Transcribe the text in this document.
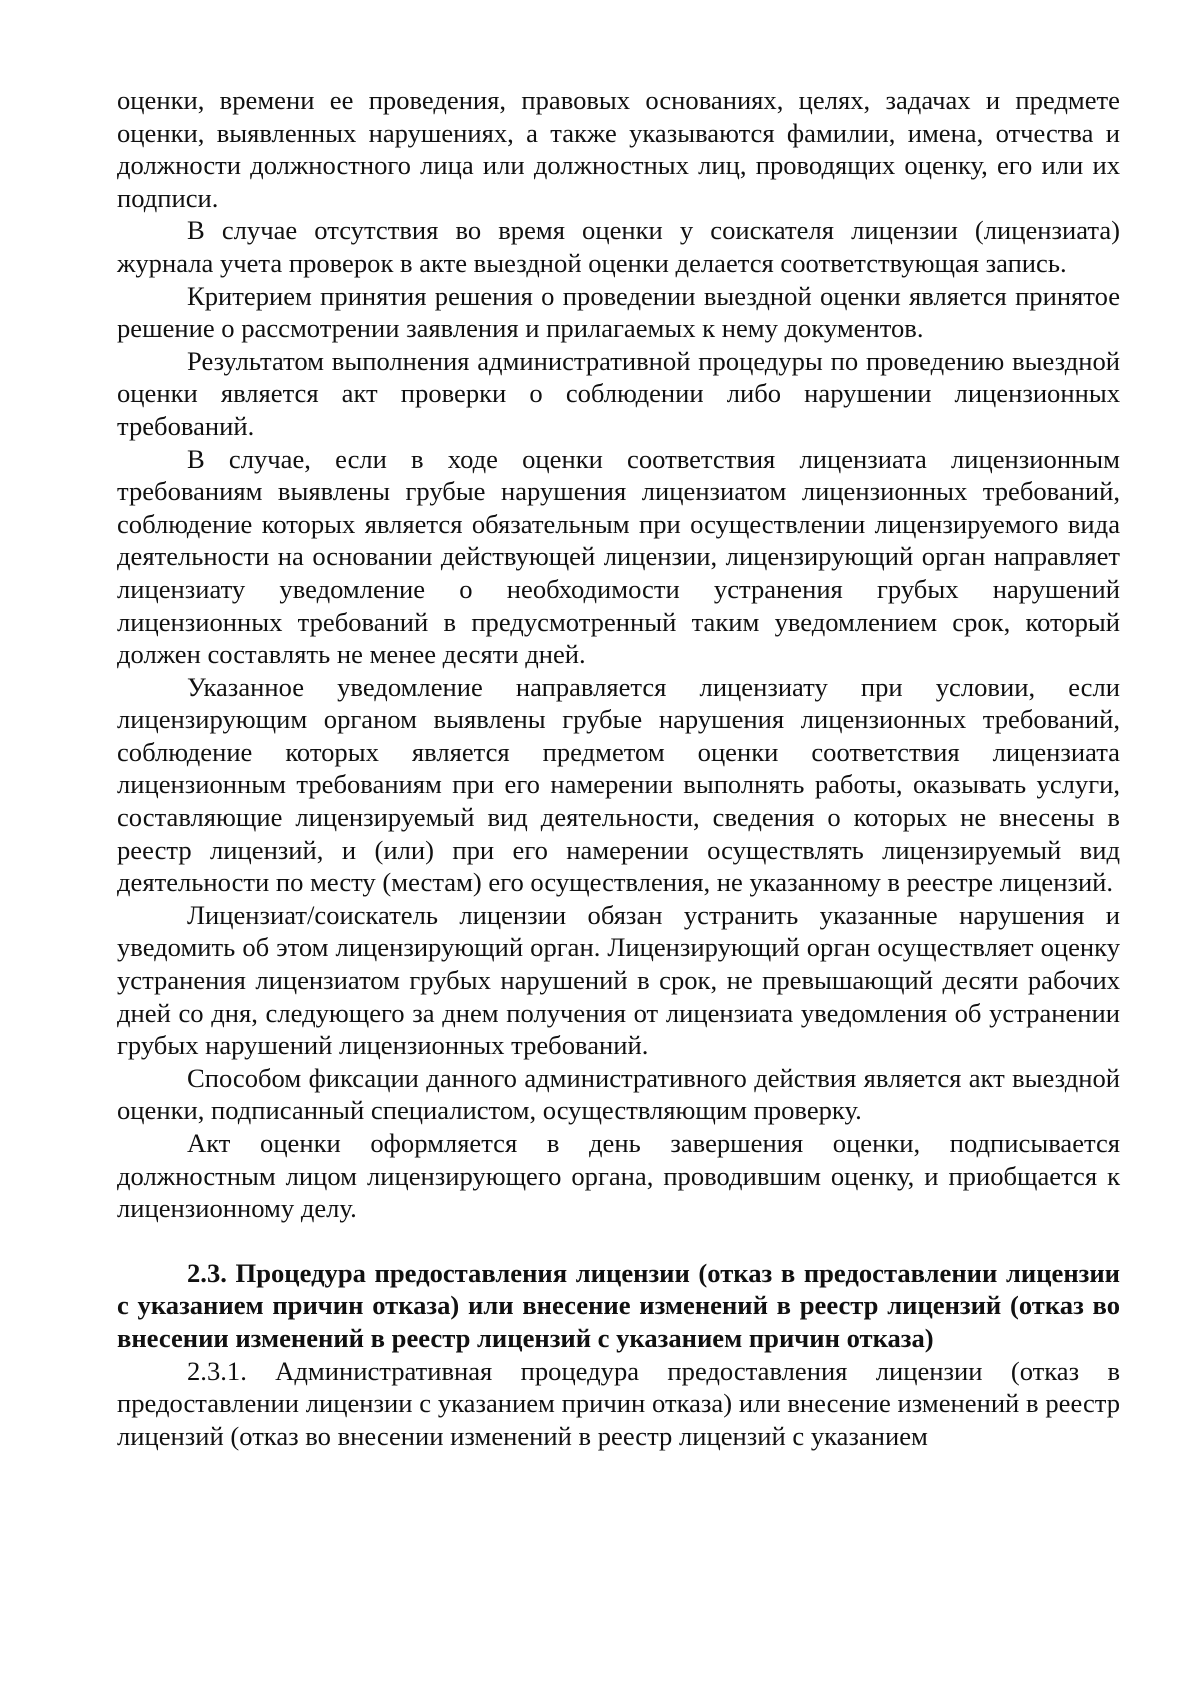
оценки, времени ее проведения, правовых основаниях, целях, задачах и предмете оценки, выявленных нарушениях, а также указываются фамилии, имена, отчества и должности должностного лица или должностных лиц, проводящих оценку, его или их подписи.

В случае отсутствия во время оценки у соискателя лицензии (лицензиата) журнала учета проверок в акте выездной оценки делается соответствующая запись.

Критерием принятия решения о проведении выездной оценки является принятое решение о рассмотрении заявления и прилагаемых к нему документов.

Результатом выполнения административной процедуры по проведению выездной оценки является акт проверки о соблюдении либо нарушении лицензионных требований.

В случае, если в ходе оценки соответствия лицензиата лицензионным требованиям выявлены грубые нарушения лицензиатом лицензионных требований, соблюдение которых является обязательным при осуществлении лицензируемого вида деятельности на основании действующей лицензии, лицензирующий орган направляет лицензиату уведомление о необходимости устранения грубых нарушений лицензионных требований в предусмотренный таким уведомлением срок, который должен составлять не менее десяти дней.

Указанное уведомление направляется лицензиату при условии, если лицензирующим органом выявлены грубые нарушения лицензионных требований, соблюдение которых является предметом оценки соответствия лицензиата лицензионным требованиям при его намерении выполнять работы, оказывать услуги, составляющие лицензируемый вид деятельности, сведения о которых не внесены в реестр лицензий, и (или) при его намерении осуществлять лицензируемый вид деятельности по месту (местам) его осуществления, не указанному в реестре лицензий.

Лицензиат/соискатель лицензии обязан устранить указанные нарушения и уведомить об этом лицензирующий орган. Лицензирующий орган осуществляет оценку устранения лицензиатом грубых нарушений в срок, не превышающий десяти рабочих дней со дня, следующего за днем получения от лицензиата уведомления об устранении грубых нарушений лицензионных требований.

Способом фиксации данного административного действия является акт выездной оценки, подписанный специалистом, осуществляющим проверку.

Акт оценки оформляется в день завершения оценки, подписывается должностным лицом лицензирующего органа, проводившим оценку, и приобщается к лицензионному делу.

2.3. Процедура предоставления лицензии (отказ в предоставлении лицензии с указанием причин отказа) или внесение изменений в реестр лицензий (отказ во внесении изменений в реестр лицензий с указанием причин отказа)

2.3.1. Административная процедура предоставления лицензии (отказ в предоставлении лицензии с указанием причин отказа) или внесение изменений в реестр лицензий (отказ во внесении изменений в реестр лицензий с указанием
